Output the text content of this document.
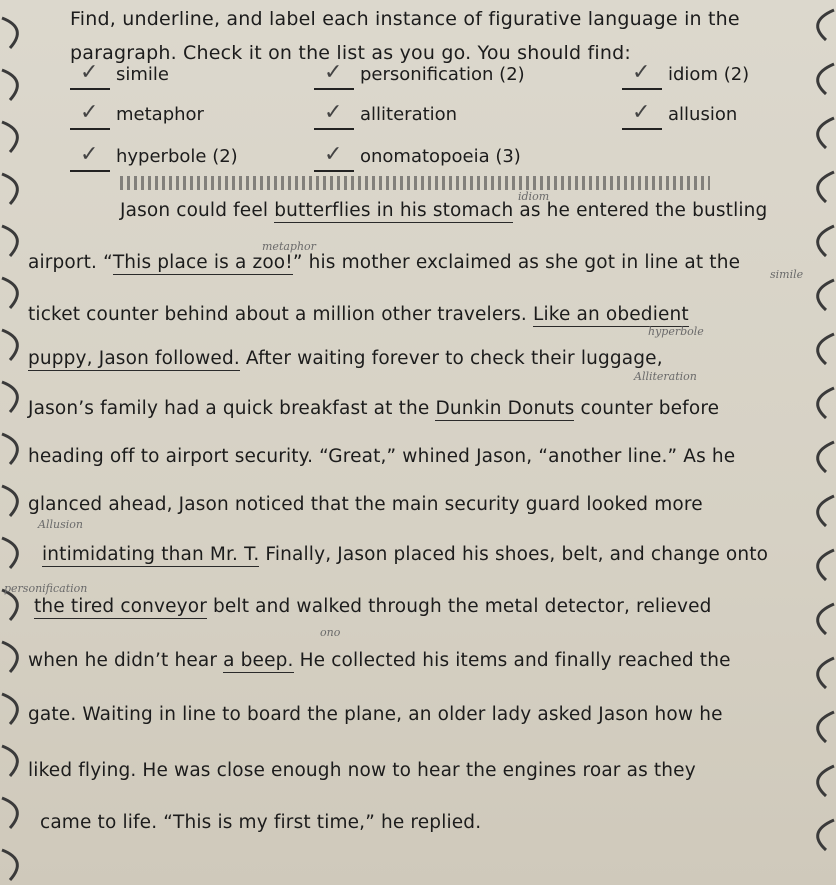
Find, underline, and label each instance of figurative language in the paragraph. Check it on the list as you go. You should find:
✓ simile	✓ personification (2)	✓ idiom (2)
✓ metaphor	✓ alliteration	✓ allusion
✓ hyperbole (2)	✓ onomatopoeia (3)
Jason could feel butterflies in his stomach as he entered the bustling
airport. “This place is a zoo!” his mother exclaimed as she got in line at the
ticket counter behind about a million other travelers. Like an obedient
puppy, Jason followed. After waiting forever to check their luggage,
Jason’s family had a quick breakfast at the Dunkin Donuts counter before
heading off to airport security. “Great,” whined Jason, “another line.” As he
glanced ahead, Jason noticed that the main security guard looked more
intimidating than Mr. T. Finally, Jason placed his shoes, belt, and change onto
the tired conveyor belt and walked through the metal detector, relieved
when he didn’t hear a beep. He collected his items and finally reached the
gate. Waiting in line to board the plane, an older lady asked Jason how he
liked flying. He was close enough now to hear the engines roar as they
came to life. “This is my first time,” he replied.
idiom
metaphor
simile
hyperbole
Alliteration
Allusion
personification
ono
